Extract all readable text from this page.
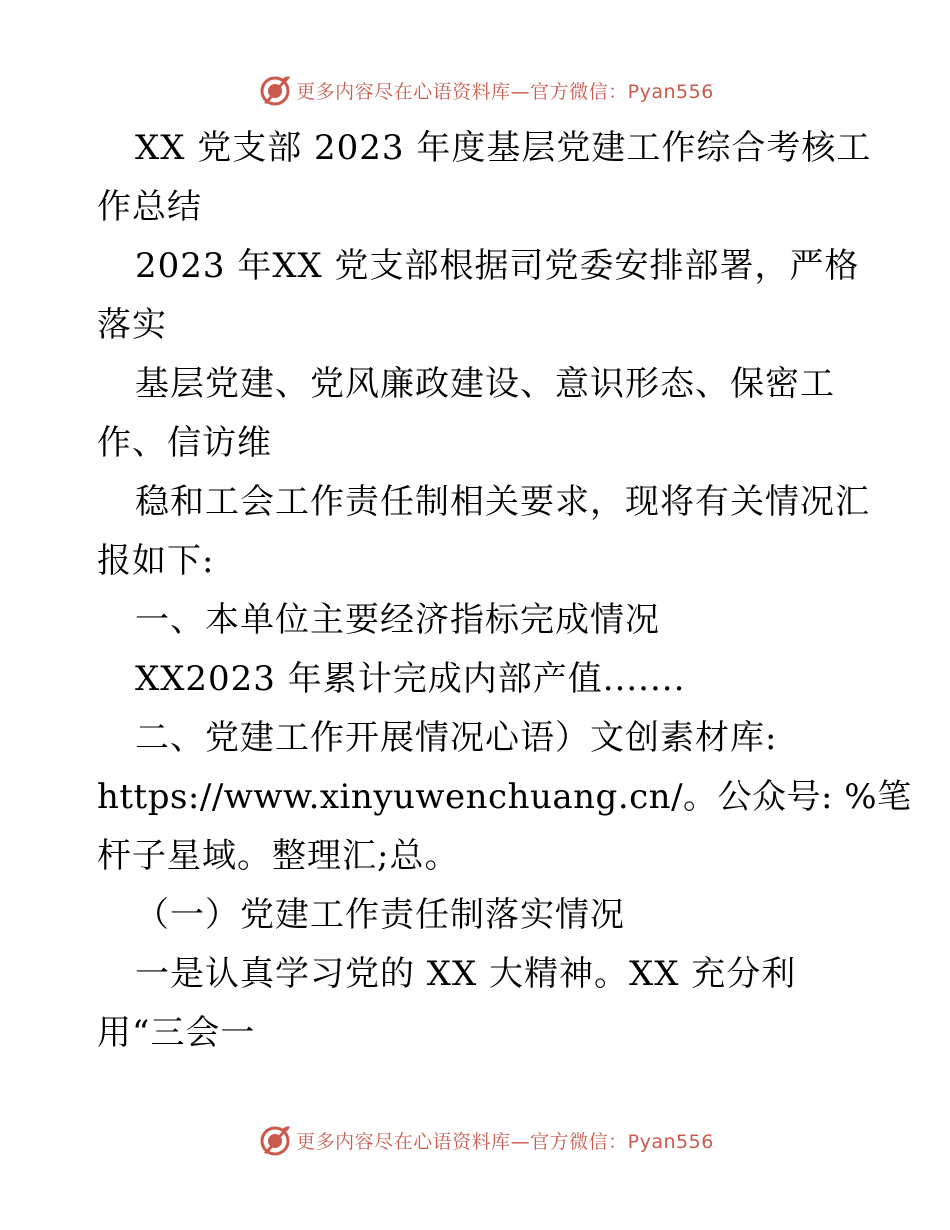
更多内容尽在心语资料库—官方微信：Pyan556
XX 党支部 2023 年度基层党建工作综合考核工
作总结
2023 年XX 党支部根据司党委安排部署，严格
落实
基层党建、党风廉政建设、意识形态、保密工
作、信访维
稳和工会工作责任制相关要求，现将有关情况汇
报如下:
一、本单位主要经济指标完成情况
XX2023 年累计完成内部产值.......
二、党建工作开展情况心语）文创素材库:
https://www.xinyuwenchuang.cn/。公众号: %笔
杆子星域。整理汇;总。
（一）党建工作责任制落实情况
一是认真学习党的 XX 大精神。XX 充分利
用“三会一
更多内容尽在心语资料库—官方微信：Pyan556
